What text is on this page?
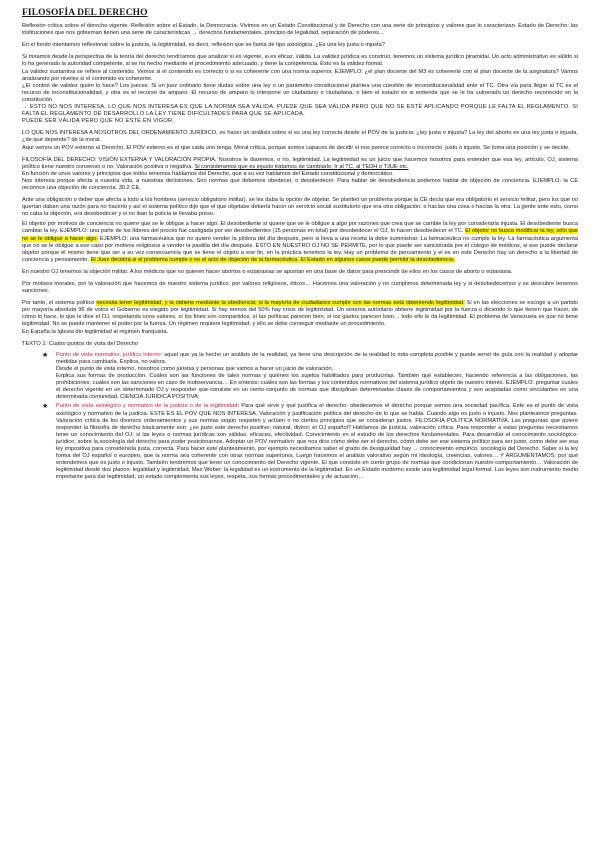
FILOSOFÍA DEL DERECHO

Reflexión crítica sobre el derecho vigente. Reflexión sobre el Estado, la Democracia. Vivimos en un Estado Constitucional y de Derecho con una serie de principios y valores que lo caracterizan. Estado de Derecho: las instituciones que nos gobiernan tienen una serie de características → derechos fundamentales, principio de legalidad, separación de poderes…

En el fondo intentamos reflexionar sobre la justicia, la legitimidad, es decir, reflexión que se llama de tipo axiológica. ¿Es una ley justa o injusta?

Si miramos desde la perspectiva de la teoría del derecho tendríamos que analizar si es vigente, si es eficaz, válida. La validez jurídica es construir, tenemos un sistema jurídico piramidal. Un acto administrativo es válido si lo ha generado la autoridad competente, si se ha hecho mediante el procedimiento adecuado, y tiene la competencia. Esto es la validez formal.

La validez sustantiva se refiere al contenido. Vemos si el contenido es correcto o si es coherente con una norma superior. EJEMPLO: ¿el plan docente del M3 es coherente con el plan docente de la asignatura? Vamos analizando por niveles si el contenido es coherente.

¿El control de validez quién lo hace? Los jueces. Si un juez ordinario tiene dudas sobre una ley o un parámetro constitucional plantea una cuestión de inconstitucionalidad ante el TC. Otra vía para llegar al TC es el recurso de inconstitucionalidad, y otra es el recurso de amparo. El recurso de amparo lo interpone un ciudadano o ciudadana, o bien el estado es si entiende que se le ha vulnerado un derecho reconocido en la constitución.

→ ESTO NO NOS INTERESA, LO QUE NOS INTERESA ES QUE LA NORMA SEA VÁLIDA. PUEDE QUE SEA VÁLIDA PERO QUE NO SE ESTÉ APLICANDO PORQUE LE FALTA EL REGLAMENTO. SI FALTA EL REGLAMENTO DE DESARROLLO LA LEY TIENE DIFICULTADES PARA QUE SE APLICADA.

PUEDE SER VÁLIDA PERO QUE NO ESTÉ EN VIGOR.

LO QUE NOS INTERESA A NOSOTROS DEL ORDENAMIENTO JURÍDICO, es hacer un análisis sobre si es una ley correcta desde el POV de la justicia: ¿ley justa o injusta? La ley del aborto es una ley justa o injusta, ¿de qué depende? de la moral.

Aquí vemos un POV externo al Derecho. El POV externo es el que cada uno tenga. Moral crítica, porque somos capaces de decidir si nos parece correcto o incorrecto, justo o injusto. Se toma una posición y se decide.

FILOSOFÍA DEL DERECHO: VISIÓN EXTERNA Y VALORACIÓN PROPIA. Nosotros le diaremos, o no, legitimidad. La legitimidad es un juicio que hacemos nosotros para entender que esa ley, artículo, OJ, sistema político tiene nuestro consenso o no. Valoración positiva o negativa. Si consideramos que es injusto tratamos de cambiarlo: Ir al TC, al TEDH o TJUE etc.

En función de unos valores y principios que todos tenemos hablamos del Derecho, que a su vez hablamos del Estado constitucional y democrático.

Nos interesa porque afecta a nuestra vida, a nuestras decisiones. Son normas que debemos obedecer, o desobedecer. Para hablar de desobediencia podemos hablar de objeción de conciencia. EJEMPLO: la CE reconoce una objeción de conciencia. 30.2 CE.

Ante una obligación o deber que afecta a todo a los hombres (servicio obligatorio militar), se les daba la opción de objetar. Se planteó un problema porque la CE decía que era obligatorio el servicio militar, pero los que no querían daban una razón para no hacerlo y así el sistema político dijo que el que objetase debería hacer un servicio social sustitutorio que era otra obligación: o hacías una cosa o hacías la otra. La gente ante esto, como no caba la objeción, era desobedecer y si no iban la policía te llevaba preso.

El objetor por motivos de conciencia no quiere que se le obligue a hacer algo. El desobediente sí quiere que se le obligue a algo por razones que crea que se cambie la ley por considerarla injusta. El desobediente busca cambiar la ley. EJEMPLO: una parte de los líderes del procés fue castigada por ser desobedientes (15 personas en total) por desobedecer el OJ, lo hacen desobedecer el TC. El objetor no busca modificar la ley, sólo que no se le obligue a hacer algo. EJEMPLO: una farmacéutica que no quiere vender la píldora del día después, pero si lleva a una receta la debe suministrar. La farmacéutica no cumple la ley. La farmacéutica argumenta que no se le obligue a ese caso por motivos religiosos a vender la pastilla del día después. ESTO EN NUESTRO OJ NO SE PERMITE, por lo que puede ser sancionada por el colegio de médicos, si ese puede declarar objetor porque él mismo tiene que ser a su vez consecuencia que se tiene el objeto a ese fin, en la práctica tenemos la ley. Hay un problema de pensamiento y el es en este Derecho hay un derecho a la libertad de conciencia y pensamiento. El Juez decidirá si el problema cumple o no el acto de objeción de la farmacéutica. El Estado en algunos casos puede permitir la desobediencia.

En nuestro OJ tenemos la objeción militar. A los médicos que no quieren hacer abortos o eutanasias se apuntan en una base de datos para prescindir de ellos en los casos de aborto o eutanasia.

Por motivos morales, por la valoración que hacemos de nuestro sistema jurídico, por valores religiosos, éticos… Hacemos una valoración y no cumplimos determinada ley y si desobedecemos y se descubre tenemos sanciones.

Por tanto, el sistema político necesita tener legitimidad, y la obtiene mediante la obediencia: si la mayoría de ciudadanos cumple con las normas está obteniendo legitimidad. Si en las elecciones se escoge a un partido por mayoría absoluta 96 de votos el Gobierno es elegido por legitimidad. Si hay menos del 50% hay crisis de legitimidad. Un sistema autoritario obtiene legitimidad por la fuerza o diciendo lo que tienen que hacer, de cómo lo hace, lo que le dice el OJ, respetando unos valores, sí los fines son compartidos, sí las políticas parecen bien, sí los gastos parecen bien… todo ello le da legitimidad. El problema de Venezuela es que no tiene legitimidad. No se puede mantener el poder por la fuerza. Un régimen requiere legitimidad, y ello se debe conseguir mediante un procedimiento.

En España la Iglesia dio legitimidad al régimen franquista.

TEXTO 1: Cuatro puntos de vista del Derecho

★ Punto de vista normativo, jurídico interno: aquel que ya la hecho un análisis de la realidad, ya tiene una descripción de la realidad lo más completa posible y puede servir de guía con la realidad y adoptar medidas para cambiarla. Explica, no valora.
Desde el punto de vista interno, nosotros como juristas y personas que vamos a hacer un juicio de valoración.
Explica sus formas de producción. Cuáles son las funciones de tales normas y quiénes los sujetos habilitados para producirlas. También qué establecen, haciendo referencia a las obligaciones, las prohibiciones, cuáles son las sanciones en caso de inobservancia… En síntesis: cuáles son las formas y los contenidos normativos del sistema jurídico objeto de nuestro interés. EJEMPLO: preguntar cuales el derecho vigente en un determinado OJ y responder que consiste en un cierto conjunto de normas que disciplinan determinadas clases de comportamientos y son aceptadas como vinculantes en una determinada comunidad. CIENCIA JURÍDICA POSITIVA.
★ Punto de vista axiológico y normativo de la justicia o de la legitimidad: Para qué sirve y qué justifica el derecho: obedecemos el derecho porque somos una sociedad pacífica. Este es el punto de vista axiológico y normativo de la justicia. ESTE ES EL POV QUE NOS INTERESA. Valoración y justificación política del derecho de lo que se habla. Cuando algo es justo o injusto. Nos planteamos preguntas. Valoración crítica de los diversos ordenamientos y sus normas según respeten y actúen o no ciertos principios que se consideran justos. FILOSOFÍA POLÍTICA NORMATIVA. Las preguntas que quiere responder la filosofía de derecho básicamente son: ¿es justo este derecho positivo; natural, divino; el OJ español? Hablamos de justicia, valoración crítica. Para responder a estas preguntas necesitamos tener un conocimiento del OJ: si las leyes o normas jurídicas son válidas, eficaces, efectividad. Conocimiento en el estudio de los derechos fundamentales. Para desarrollar el conocimiento sociológico-jurídico, sobre la sociología del derecho para poder posicionarnos. Adoptar un POV normativo: que nos dice cómo debe ser el derecho, cómo debe ser ese sistema político para ser justo, como debe ser esa ley impositiva para considerarla justa, correcta. Para hacer este planteamiento, por ejemplo necesitamos saber el grado de desigualdad hay → conocimiento empírico, sociología del Derecho. Saber si la ley forma del OJ español o europeo, que la norma sea coherente con otras normas superiores. Luego hacemos el análisis valorativo según mi ideología, creencias, valores… Y ARGUMENTAMOS: por qué entendemos que es justo o injusto. También tendremos que tener un conocimiento del Derecho vigente. El que consiste en cierto grupo de normas que condicionan nuestro comportamiento… Valoración de legitimidad desde dos planos: legalidad y legitimidad. Max Weber: la legalidad es un instrumento de la legitimidad. En un Estado moderno existe una legitimidad legal-formal. Las leyes son instrumento medio importante para dar legitimidad, un estado complementa sus leyes, respeta, sus formas procedimentales y de actuación…
